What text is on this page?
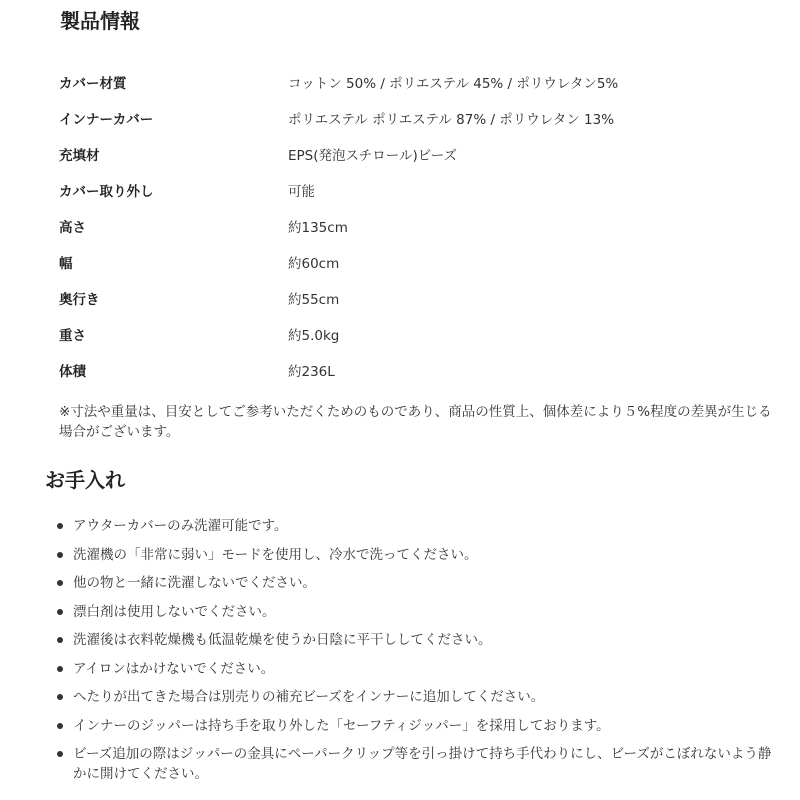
製品情報
カバー材質	コットン 50% / ポリエステル 45% / ポリウレタン5%
インナーカバー	ポリエステル ポリエステル 87% / ポリウレタン 13%
充填材	EPS(発泡スチロール)ビーズ
カバー取り外し	可能
高さ	約135cm
幅	約60cm
奥行き	約55cm
重さ	約5.0kg
体積	約236L

※寸法や重量は、目安としてご参考いただくためのものであり、商品の性質上、個体差により５%程度の差異が生じる場合がございます。

お手入れ
アウターカバーのみ洗濯可能です。
洗濯機の「非常に弱い」モードを使用し、冷水で洗ってください。
他の物と一緒に洗濯しないでください。
漂白剤は使用しないでください。
洗濯後は衣料乾燥機も低温乾燥を使うか日陰に平干ししてください。
アイロンはかけないでください。
へたりが出てきた場合は別売りの補充ビーズをインナーに追加してください。
インナーのジッパーは持ち手を取り外した「セーフティジッパー」を採用しております。
ビーズ追加の際はジッパーの金具にペーパークリップ等を引っ掛けて持ち手代わりにし、ビーズがこぼれないよう静かに開けてください。
